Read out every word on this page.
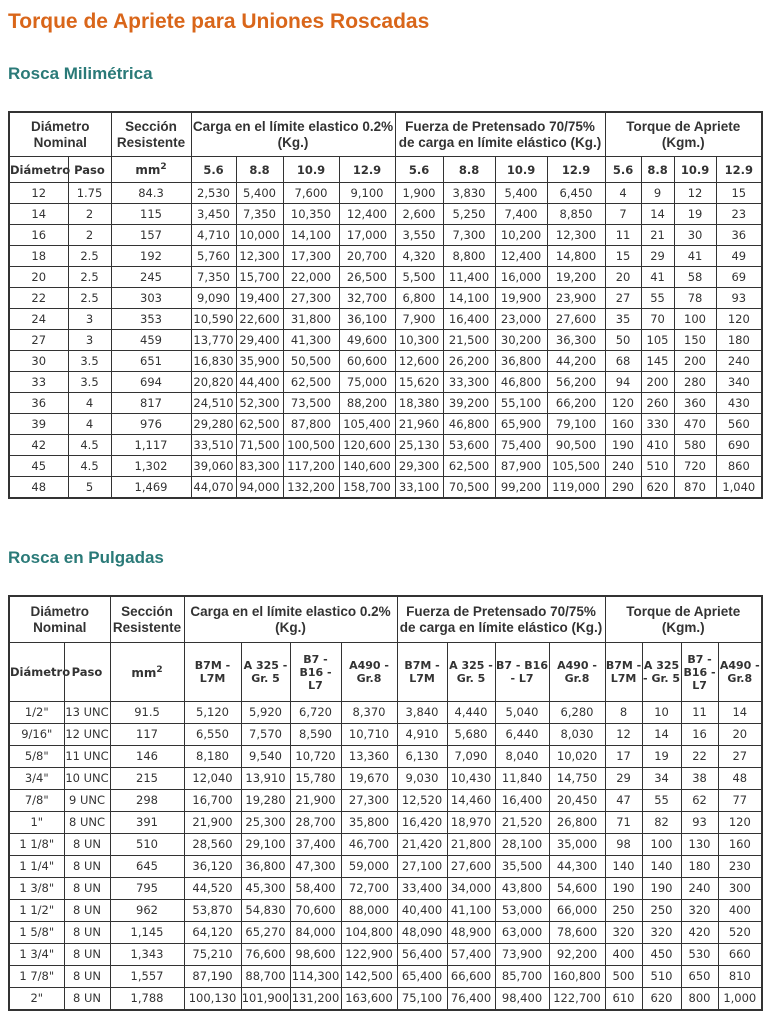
Torque de Apriete para Uniones Roscadas
Rosca Milimétrica
Diámetro Nominal		Sección Resistente	Carga en el límite elastico 0.2% (Kg.)				Fuerza de Pretensado 70/75% de carga en límite elástico (Kg.)				Torque de Apriete (Kgm.)			
Diámetro	Paso	$mm^2$	5.6	8.8	10.9	12.9	5.6	8.8	10.9	12.9	5.6	8.8	10.9	12.9
12	1.75	84.3	2,530	5,400	7,600	9,100	1,900	3,830	5,400	6,450	4	9	12	15
14	2	115	3,450	7,350	10,350	12,400	2,600	5,250	7,400	8,850	7	14	19	23
16	2	157	4,710	10,000	14,100	17,000	3,550	7,300	10,200	12,300	11	21	30	36
18	2.5	192	5,760	12,300	17,300	20,700	4,320	8,800	12,400	14,800	15	29	41	49
20	2.5	245	7,350	15,700	22,000	26,500	5,500	11,400	16,000	19,200	20	41	58	69
22	2.5	303	9,090	19,400	27,300	32,700	6,800	14,100	19,900	23,900	27	55	78	93
24	3	353	10,590	22,600	31,800	36,100	7,900	16,400	23,000	27,600	35	70	100	120
27	3	459	13,770	29,400	41,300	49,600	10,300	21,500	30,200	36,300	50	105	150	180
30	3.5	651	16,830	35,900	50,500	60,600	12,600	26,200	36,800	44,200	68	145	200	240
33	3.5	694	20,820	44,400	62,500	75,000	15,620	33,300	46,800	56,200	94	200	280	340
36	4	817	24,510	52,300	73,500	88,200	18,380	39,200	55,100	66,200	120	260	360	430
39	4	976	29,280	62,500	87,800	105,400	21,960	46,800	65,900	79,100	160	330	470	560
42	4.5	1,117	33,510	71,500	100,500	120,600	25,130	53,600	75,400	90,500	190	410	580	690
45	4.5	1,302	39,060	83,300	117,200	140,600	29,300	62,500	87,900	105,500	240	510	720	860
48	5	1,469	44,070	94,000	132,200	158,700	33,100	70,500	99,200	119,000	290	620	870	1,040
Rosca en Pulgadas
Diámetro Nominal		Sección Resistente	Carga en el límite elastico 0.2% (Kg.)				Fuerza de Pretensado 70/75% de carga en límite elástico (Kg.)				Torque de Apriete (Kgm.)			
Diámetro	Paso	$mm^2$	B7M - L7M	A 325 - Gr. 5	B7 - B16 - L7	A490 - Gr.8	B7M - L7M	A 325 - Gr. 5	B7 - B16 - L7	A490 - Gr.8	B7M - L7M	A 325 - Gr. 5	B7 - B16 - L7	A490 - Gr.8
1/2"	13 UNC	91.5	5,120	5,920	6,720	8,370	3,840	4,440	5,040	6,280	8	10	11	14
9/16"	12 UNC	117	6,550	7,570	8,590	10,710	4,910	5,680	6,440	8,030	12	14	16	20
5/8"	11 UNC	146	8,180	9,540	10,720	13,360	6,130	7,090	8,040	10,020	17	19	22	27
3/4"	10 UNC	215	12,040	13,910	15,780	19,670	9,030	10,430	11,840	14,750	29	34	38	48
7/8"	9 UNC	298	16,700	19,280	21,900	27,300	12,520	14,460	16,400	20,450	47	55	62	77
1"	8 UNC	391	21,900	25,300	28,700	35,800	16,420	18,970	21,520	26,800	71	82	93	120
1 1/8"	8 UN	510	28,560	29,100	37,400	46,700	21,420	21,800	28,100	35,000	98	100	130	160
1 1/4"	8 UN	645	36,120	36,800	47,300	59,000	27,100	27,600	35,500	44,300	140	140	180	230
1 3/8"	8 UN	795	44,520	45,300	58,400	72,700	33,400	34,000	43,800	54,600	190	190	240	300
1 1/2"	8 UN	962	53,870	54,830	70,600	88,000	40,400	41,100	53,000	66,000	250	250	320	400
1 5/8"	8 UN	1,145	64,120	65,270	84,000	104,800	48,090	48,900	63,000	78,600	320	320	420	520
1 3/4"	8 UN	1,343	75,210	76,600	98,600	122,900	56,400	57,400	73,900	92,200	400	450	530	660
1 7/8"	8 UN	1,557	87,190	88,700	114,300	142,500	65,400	66,600	85,700	160,800	500	510	650	810
2"	8 UN	1,788	100,130	101,900	131,200	163,600	75,100	76,400	98,400	122,700	610	620	800	1,000
